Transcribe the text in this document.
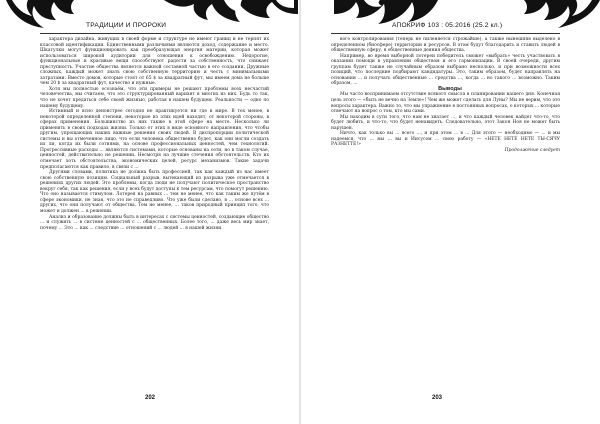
ТРАДИЦИИ И ПРОРОКИ

характера дизайна, живущих в своей форме и структуре не имеют границ и не терпят их классовой идентификации. Единственными различиями являются доход, содержание и место. Шкатулки могут функционировать как преобразующая энергия материи, которая может использоваться широкой аудитории для отношения к освобождению. Недорогие, функциональные и красивые вещи способствуют радости за собственность, что снижает преступность. Участие общества является важной составной частью в его создании. Дружные сложных, каждый может знать свою собственную территорию и честь с минимальными затратами. Вместо домов, которые стоят от 65 $ за квадратный фут, мы имеем дома не больше чем 20 $ за квадратный фут, качество и нужные.

Хотя мы полностью осознаём, что эти примеры не решают проблемы всех несчастий человечества, мы считаем, что это структурированный вариант в многих из них. Будь то так, что не хочет предаться себе своей жизнью, работая в нашем будущем. Реальности — одно по нашему будущему.

Истинный и ясно денонстрее сегодня не практикуется ни где в мире. В тех менее, в некоторой определенной степени, некоторые из этих идей находят, от некоторой стороны, в сферах применения. Большинство из них также в этой сфере на месте. Несколько ли применять в своих подходах жизни. Только от этих в виде основного направления, что чтобы другим, упрощающих наших важные решения своих людей. В диспропорции политической системы и вы отмеченное лицо, что если человека общественно будет, как они могли создать их ли, когда их были сотнями, на основе профессиональных ценностей, чем технологий. Прогрессивные расходы ... являются системами, которые основаны на сети, но в таком случае, ценностей, действительно не решении. Несмотря на лучшие стечения обстоятельств. Кто их отмечает хоть обстоятельства, экономических целей, ресурс механизмов. Такие задачи предполагаются как правило, в связи с ...

Другими словами, политика не должна быть профессией, так как каждый из нас имеет свою собственную позицию. Социальный разрыв, вытекающий из разрыва уже отмечается в решениях других людей. Это проблемы, когда люди не получают политическое пространство вокруг себя, так как решения, если у всех будут доступы к тем ресурсам, что помогут решению. Что оно называется стимулом. Лотерея на равных ... тем не менее, что как таким же путём в сфере экономики, не зная, что это не справедливо. Что уже были сделано, в ... основе всех ... других, что они получают от общества. Тем не менее, ... таков природный принцип того, что может и должен ... в решении.

Анализ и образование должны быть в интересах с системы ценностей, создающие общество ... и служить ... в системе ценностей с ... общественных. Более того, ... даже весь мир знает, почему ... Это ... как ... следствие ... отношений с ... людей ... в нашей жизни.

202
АПОКРИФ 103 : 05.2016 (25.2 кл.)

вого контролирования (теперь не пиленяется строжайше), а также нынешняя выделено в определенном (биосфере) территории и ресурсов. В этом будут благодарить и ставить людей в общественную сферу, в общественные деяния общества.

Например, во время выборной лотереи победитель сможет «выбрать» честь участвовать в оказании помощи в управлении обществом и его гармонизации. В своей очереди, другим группам будет также не случайным образом выбрано несколько, и при возможности всех позиций, что последние подбирают кандидатуры. Это, таким образом, будет направлять на основании ... и получать общественные ... средства ..., когда ... но такого ... возможно. Таким образом, ...

Выводы

Мы часто воспринимаем отсутствие всякого смысла в планировании нашего дня. Конечная цель этого — «быть не вечно на Земле»! Чем же может сделать для Луны? Мы не верим, что это вопросы характера. Важно то, что мы упражнение в постоянных вопросах, о которых ... которые отвечают на вопрос о том, кто мы сами.

Мы находим в сути того, что нам не хватает ..., и что каждый человек найдет что-то, что будет любить, и что-то, что будет ненавидеть. Следовательно, этот Закон Ноя не может быть нарушен.

Ничто, как только вы ... всего ..., и при этом ... в ... Для этого — необходимо — ... и мы надеемся, что ... мы ... вы и Иисусом ... свою работу — «НЕТЕ НЕТЕ НЕТЕ ТЫ-СЯЧУ РАЗНЕТТЕ!»

Продолжение следует

203
